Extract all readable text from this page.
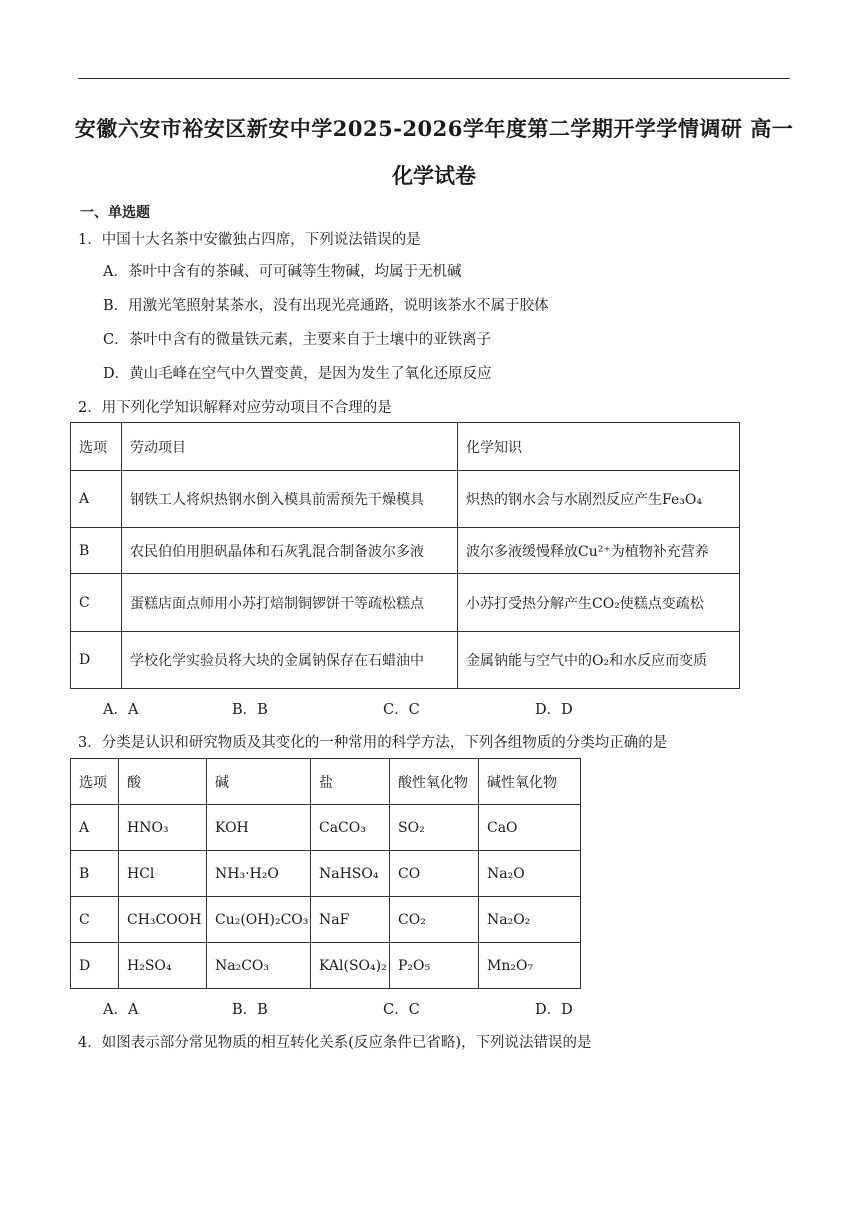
安徽六安市裕安区新安中学2025-2026学年度第二学期开学学情调研 高一
化学试卷
一、单选题
1．中国十大名茶中安徽独占四席，下列说法错误的是
A．茶叶中含有的茶碱、可可碱等生物碱，均属于无机碱
B．用激光笔照射某茶水，没有出现光亮通路，说明该茶水不属于胶体
C．茶叶中含有的微量铁元素，主要来自于土壤中的亚铁离子
D．黄山毛峰在空气中久置变黄，是因为发生了氧化还原反应
2．用下列化学知识解释对应劳动项目不合理的是
选项	劳动项目	化学知识
A	钢铁工人将炽热钢水倒入模具前需预先干燥模具	炽热的钢水会与水剧烈反应产生Fe₃O₄
B	农民伯伯用胆矾晶体和石灰乳混合制备波尔多液	波尔多液缓慢释放Cu²⁺为植物补充营养
C	蛋糕店面点师用小苏打焙制铜锣饼干等疏松糕点	小苏打受热分解产生CO₂使糕点变疏松
D	学校化学实验员将大块的金属钠保存在石蜡油中	金属钠能与空气中的O₂和水反应而变质
A．A	B．B	C．C	D．D
3．分类是认识和研究物质及其变化的一种常用的科学方法，下列各组物质的分类均正确的是
选项	酸	碱	盐	酸性氧化物	碱性氧化物
A	HNO₃	KOH	CaCO₃	SO₂	CaO
B	HCl	NH₃·H₂O	NaHSO₄	CO	Na₂O
C	CH₃COOH	Cu₂(OH)₂CO₃	NaF	CO₂	Na₂O₂
D	H₂SO₄	Na₂CO₃	KAl(SO₄)₂	P₂O₅	Mn₂O₇
A．A	B．B	C．C	D．D
4．如图表示部分常见物质的相互转化关系(反应条件已省略)，下列说法错误的是
